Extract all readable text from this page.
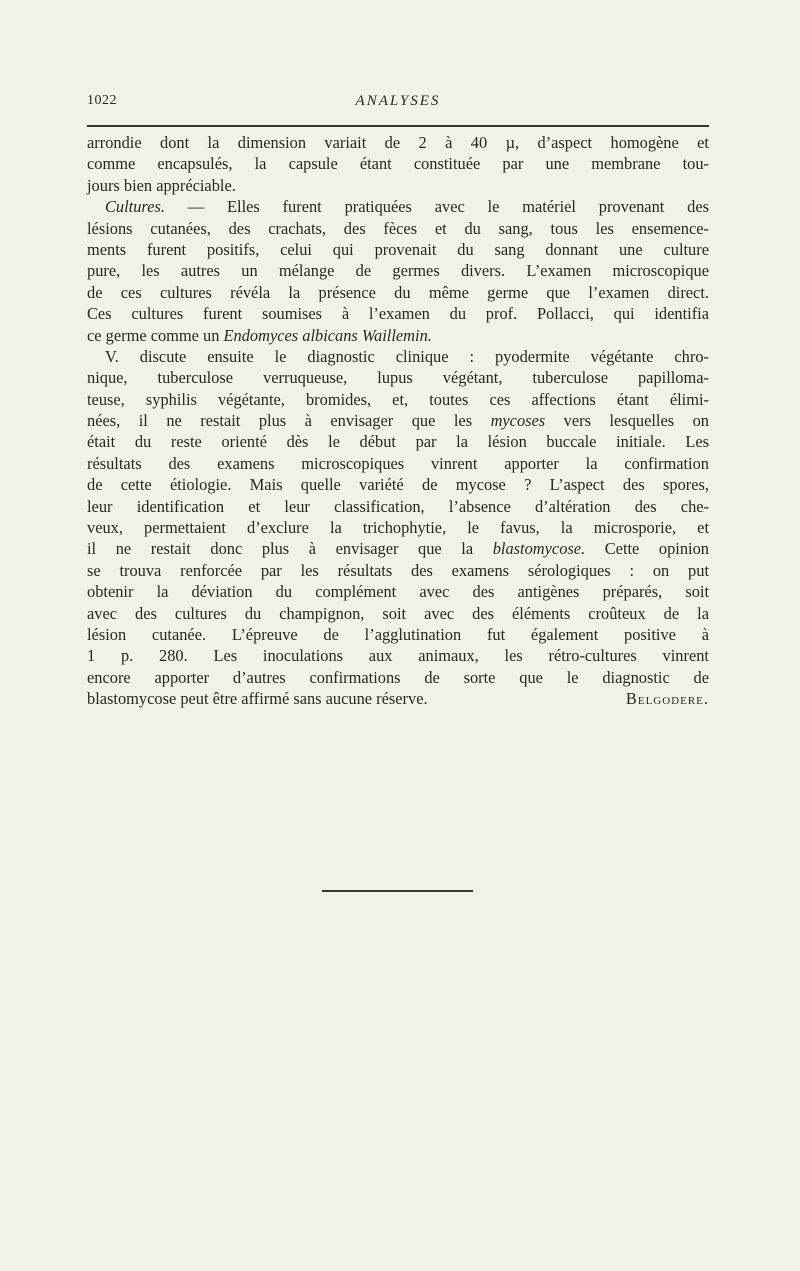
1022	ANALYSES
arrondie dont la dimension variait de 2 à 40 µ, d’aspect homogène et
comme encapsulés, la capsule étant constituée par une membrane tou-
jours bien appréciable.
Cultures. — Elles furent pratiquées avec le matériel provenant des
lésions cutanées, des crachats, des fèces et du sang, tous les ensemence-
ments furent positifs, celui qui provenait du sang donnant une culture
pure, les autres un mélange de germes divers. L’examen microscopique
de ces cultures révéla la présence du même germe que l’examen direct.
Ces cultures furent soumises à l’examen du prof. Pollacci, qui identifia
ce germe comme un Endomyces albicans Waillemin.
V. discute ensuite le diagnostic clinique : pyodermite végétante chro-
nique, tuberculose verruqueuse, lupus végétant, tuberculose papilloma-
teuse, syphilis végétante, bromides, et, toutes ces affections étant élimi-
nées, il ne restait plus à envisager que les mycoses vers lesquelles on
était du reste orienté dès le début par la lésion buccale initiale. Les
résultats des examens microscopiques vinrent apporter la confirmation
de cette étiologie. Mais quelle variété de mycose ? L’aspect des spores,
leur identification et leur classification, l’absence d’altération des che-
veux, permettaient d’exclure la trichophytie, le favus, la microsporie, et
il ne restait donc plus à envisager que la blastomycose. Cette opinion
se trouva renforcée par les résultats des examens sérologiques : on put
obtenir la déviation du complément avec des antigènes préparés, soit
avec des cultures du champignon, soit avec des éléments croûteux de la
lésion cutanée. L’épreuve de l’agglutination fut également positive à
1 p. 280. Les inoculations aux animaux, les rétro-cultures vinrent
encore apporter d’autres confirmations de sorte que le diagnostic de
blastomycose peut être affirmé sans aucune réserve.	Belgodere.
